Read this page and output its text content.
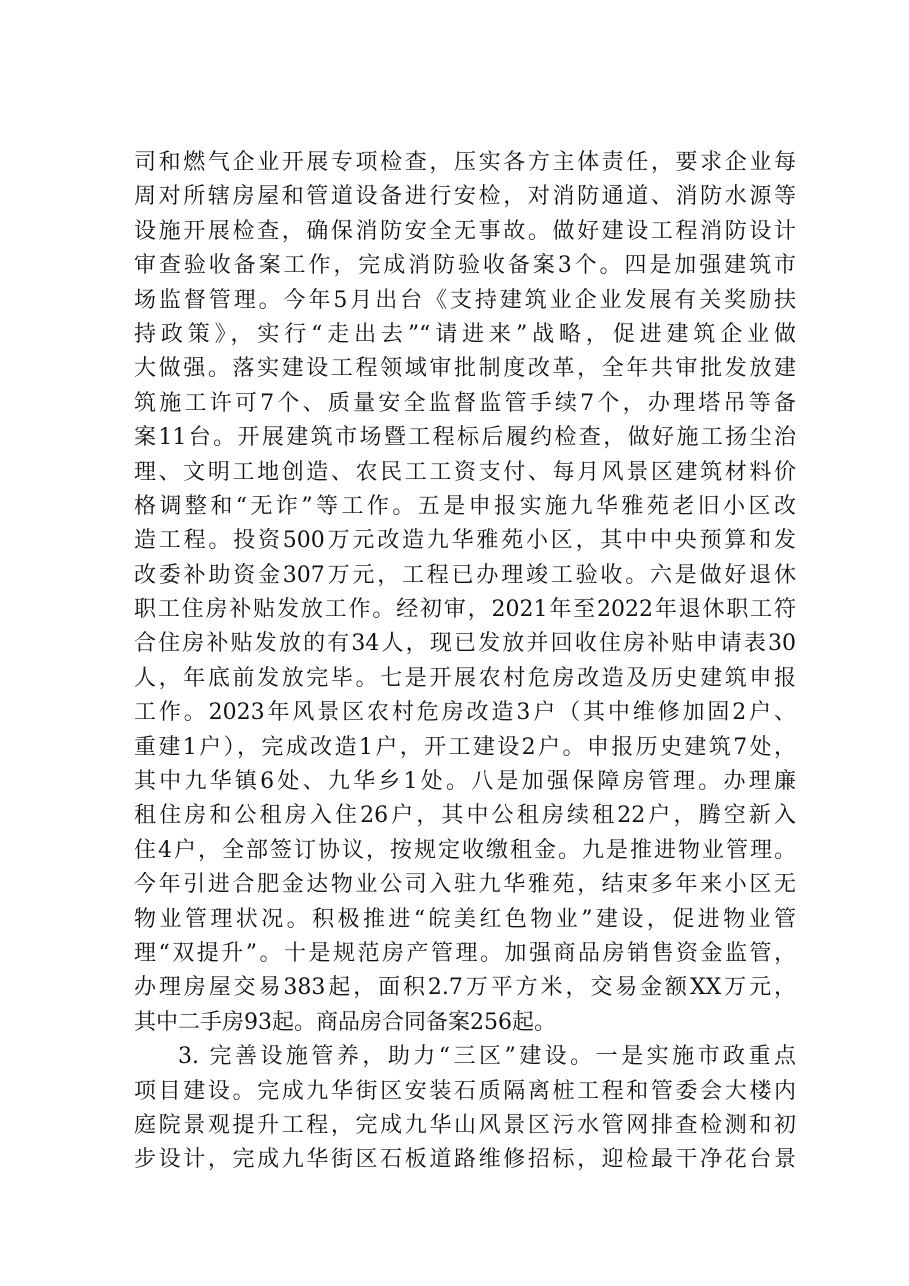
司和燃气企业开展专项检查，压实各方主体责任，要求企业每
周对所辖房屋和管道设备进行安检，对消防通道、消防水源等
设施开展检查，确保消防安全无事故。做好建设工程消防设计
审查验收备案工作，完成消防验收备案3个。四是加强建筑市
场监督管理。今年5月出台《支持建筑业企业发展有关奖励扶
持政策》，实行“走出去”“请进来”战略，促进建筑企业做
大做强。落实建设工程领域审批制度改革，全年共审批发放建
筑施工许可7个、质量安全监督监管手续7个，办理塔吊等备
案11台。开展建筑市场暨工程标后履约检查，做好施工扬尘治
理、文明工地创造、农民工工资支付、每月风景区建筑材料价
格调整和“无诈”等工作。五是申报实施九华雅苑老旧小区改
造工程。投资500万元改造九华雅苑小区，其中中央预算和发
改委补助资金307万元，工程已办理竣工验收。六是做好退休
职工住房补贴发放工作。经初审，2021年至2022年退休职工符
合住房补贴发放的有34人，现已发放并回收住房补贴申请表30
人，年底前发放完毕。七是开展农村危房改造及历史建筑申报
工作。2023年风景区农村危房改造3户（其中维修加固2户、
重建1户），完成改造1户，开工建设2户。申报历史建筑7处，
其中九华镇6处、九华乡1处。八是加强保障房管理。办理廉
租住房和公租房入住26户，其中公租房续租22户，腾空新入
住4户，全部签订协议，按规定收缴租金。九是推进物业管理。
今年引进合肥金达物业公司入驻九华雅苑，结束多年来小区无
物业管理状况。积极推进“皖美红色物业”建设，促进物业管
理“双提升”。十是规范房产管理。加强商品房销售资金监管，
办理房屋交易383起，面积2.7万平方米，交易金额XX万元，
其中二手房93起。商品房合同备案256起。
3. 完善设施管养，助力“三区”建设。一是实施市政重点
项目建设。完成九华街区安装石质隔离桩工程和管委会大楼内
庭院景观提升工程，完成九华山风景区污水管网排查检测和初
步设计，完成九华街区石板道路维修招标，迎检最干净花台景
